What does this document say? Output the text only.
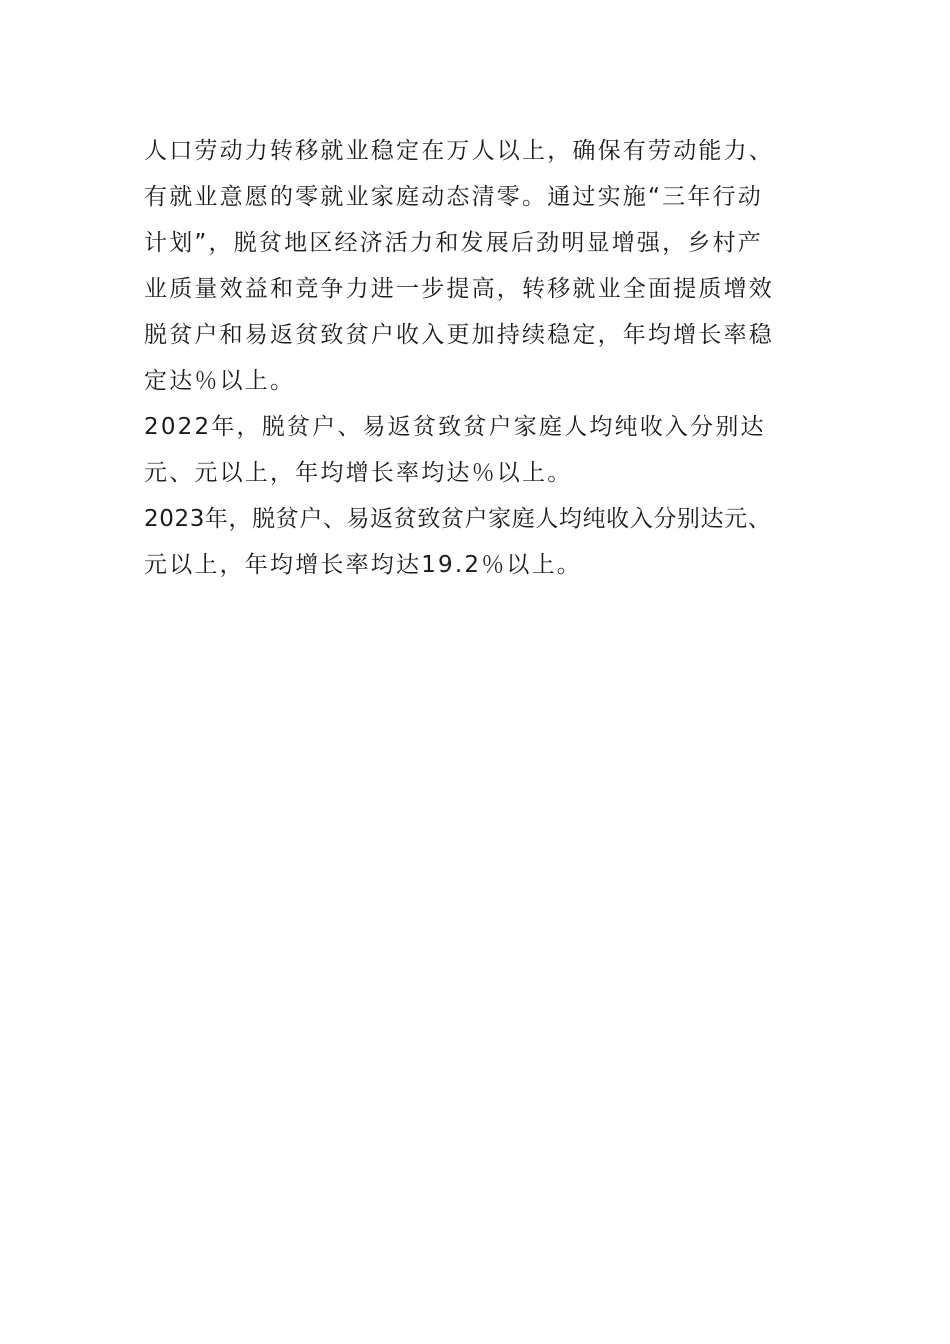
人口劳动力转移就业稳定在万人以上，确保有劳动能力、
有就业意愿的零就业家庭动态清零。通过实施“三年行动
计划”，脱贫地区经济活力和发展后劲明显增强，乡村产
业质量效益和竞争力进一步提高，转移就业全面提质增效
脱贫户和易返贫致贫户收入更加持续稳定，年均增长率稳
定达％以上。
2022年，脱贫户、易返贫致贫户家庭人均纯收入分别达
元、元以上，年均增长率均达％以上。
2023年，脱贫户、易返贫致贫户家庭人均纯收入分别达元、
元以上，年均增长率均达19.2％以上。
